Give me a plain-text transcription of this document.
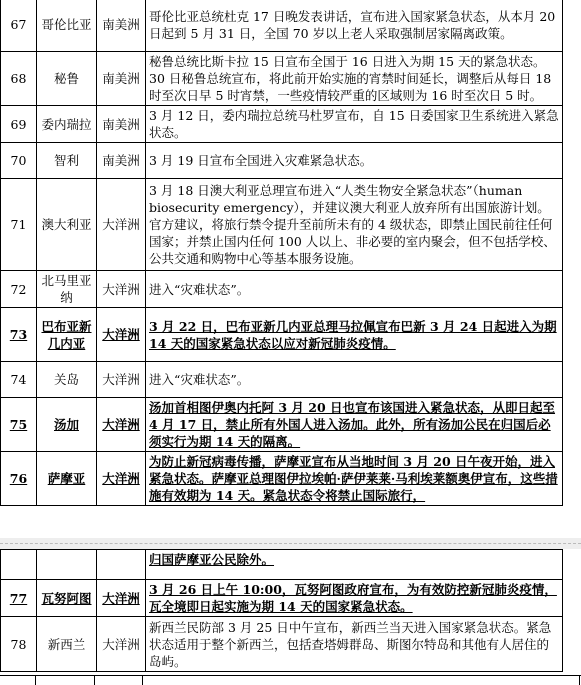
67	哥伦比亚	南美洲	哥伦比亚总统杜克 17 日晚发表讲话，宣布进入国家紧急状态，从本月 20 日起到 5 月 31 日，全国 70 岁以上老人采取强制居家隔离政策。
68	秘鲁	南美洲	秘鲁总统比斯卡拉 15 日宣布全国于 16 日进入为期 15 天的紧急状态。 30 日秘鲁总统宣布，将此前开始实施的宵禁时间延长，调整后从每日 18 时至次日早 5 时宵禁，一些疫情较严重的区域则为 16 时至次日 5 时。
69	委内瑞拉	南美洲	3 月 12 日，委内瑞拉总统马杜罗宣布，自 15 日委国家卫生系统进入紧急状态。
70	智利	南美洲	3 月 19 日宣布全国进入灾难紧急状态。
71	澳大利亚	大洋洲	3 月 18 日澳大利亚总理宣布进入“人类生物安全紧急状态”（human biosecurity emergency），并建议澳大利亚人放弃所有出国旅游计划。官方建议，将旅行禁令提升至前所未有的 4 级状态，即禁止国民前往任何国家；并禁止国内任何 100 人以上、非必要的室内聚会，但不包括学校、公共交通和购物中心等基本服务设施。
72	北马里亚纳	大洋洲	进入“灾难状态”。
73	巴布亚新几内亚	大洋洲	3 月 22 日，巴布亚新几内亚总理马拉佩宣布巴新 3 月 24 日起进入为期 14 天的国家紧急状态以应对新冠肺炎疫情。
74	关岛	大洋洲	进入“灾难状态”。
75	汤加	大洋洲	汤加首相图伊奥内托阿 3 月 20 日也宣布该国进入紧急状态，从即日起至 4 月 17 日，禁止所有外国人进入汤加。此外，所有汤加公民在归国后必须实行为期 14 天的隔离。
76	萨摩亚	大洋洲	为防止新冠病毒传播，萨摩亚宣布从当地时间 3 月 20 日午夜开始，进入紧急状态。萨摩亚总理图伊拉埃帕·萨伊莱莱·马利埃莱额奥伊宣布，这些措施有效期为 14 天。紧急状态令将禁止国际旅行，
			归国萨摩亚公民除外。
77	瓦努阿图	大洋洲	3 月 26 日上午 10:00，瓦努阿图政府宣布，为有效防控新冠肺炎疫情，瓦全境即日起实施为期 14 天的国家紧急状态。
78	新西兰	大洋洲	新西兰民防部 3 月 25 日中午宣布，新西兰当天进入国家紧急状态。紧急状态适用于整个新西兰，包括查塔姆群岛、斯图尔特岛和其他有人居住的岛屿。
